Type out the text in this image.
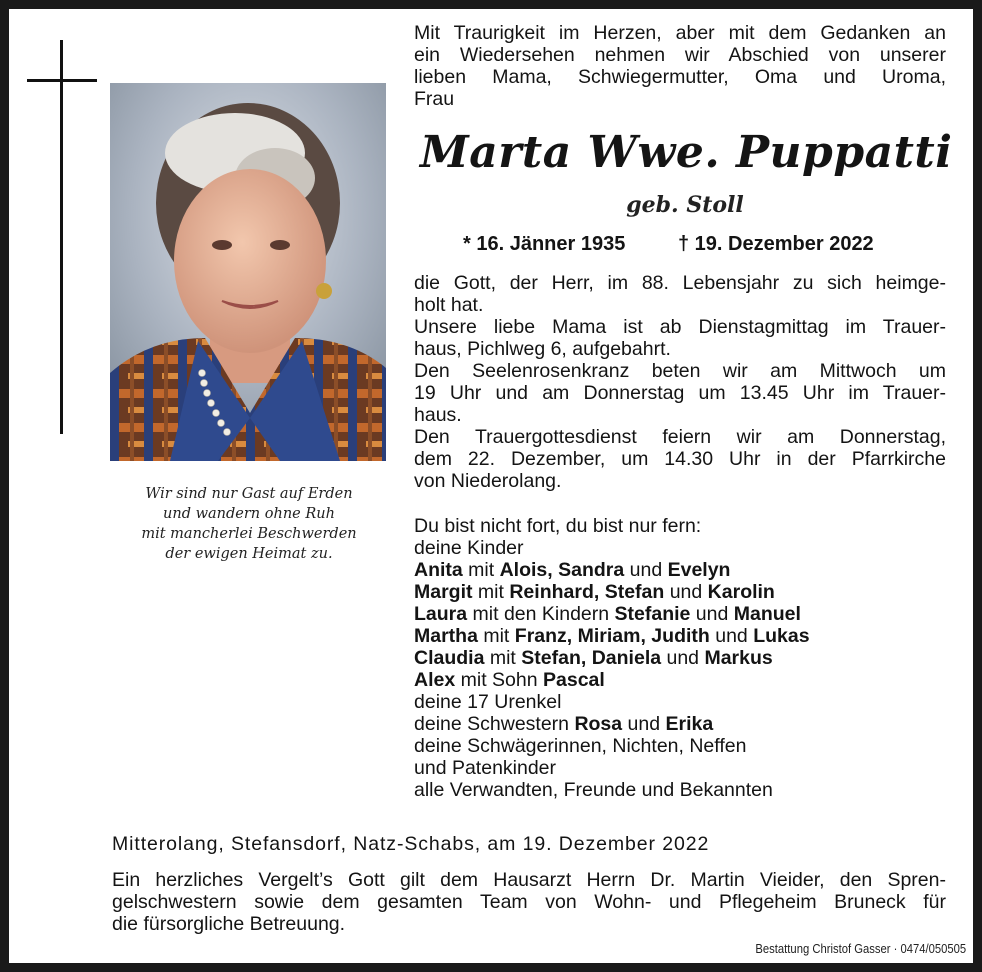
Wir sind nur Gast auf Erden
und wandern ohne Ruh
mit mancherlei Beschwerden
der ewigen Heimat zu.
Mit Traurigkeit im Herzen, aber mit dem Gedanken an
ein Wiedersehen nehmen wir Abschied von unserer
lieben Mama, Schwiegermutter, Oma und Uroma,
Frau
Marta Wwe. Puppatti
geb. Stoll
* 16. Jänner 1935	† 19. Dezember 2022
die Gott, der Herr, im 88. Lebensjahr zu sich heimge-
holt hat.
Unsere liebe Mama ist ab Dienstagmittag im Trauer-
haus, Pichlweg 6, aufgebahrt.
Den Seelenrosenkranz beten wir am Mittwoch um
19 Uhr und am Donnerstag um 13.45 Uhr im Trauer-
haus.
Den Trauergottesdienst feiern wir am Donnerstag,
dem 22. Dezember, um 14.30 Uhr in der Pfarrkirche
von Niederolang.
Du bist nicht fort, du bist nur fern:
deine Kinder
Anita mit Alois, Sandra und Evelyn
Margit mit Reinhard, Stefan und Karolin
Laura mit den Kindern Stefanie und Manuel
Martha mit Franz, Miriam, Judith und Lukas
Claudia mit Stefan, Daniela und Markus
Alex mit Sohn Pascal
deine 17 Urenkel
deine Schwestern Rosa und Erika
deine Schwägerinnen, Nichten, Neffen
und Patenkinder
alle Verwandten, Freunde und Bekannten
Mitterolang, Stefansdorf, Natz-Schabs, am 19. Dezember 2022
Ein herzliches Vergelt’s Gott gilt dem Hausarzt Herrn Dr. Martin Vieider, den Spren-
gelschwestern sowie dem gesamten Team von Wohn- und Pflegeheim Bruneck für
die fürsorgliche Betreuung.
Bestattung Christof Gasser · 0474/050505
